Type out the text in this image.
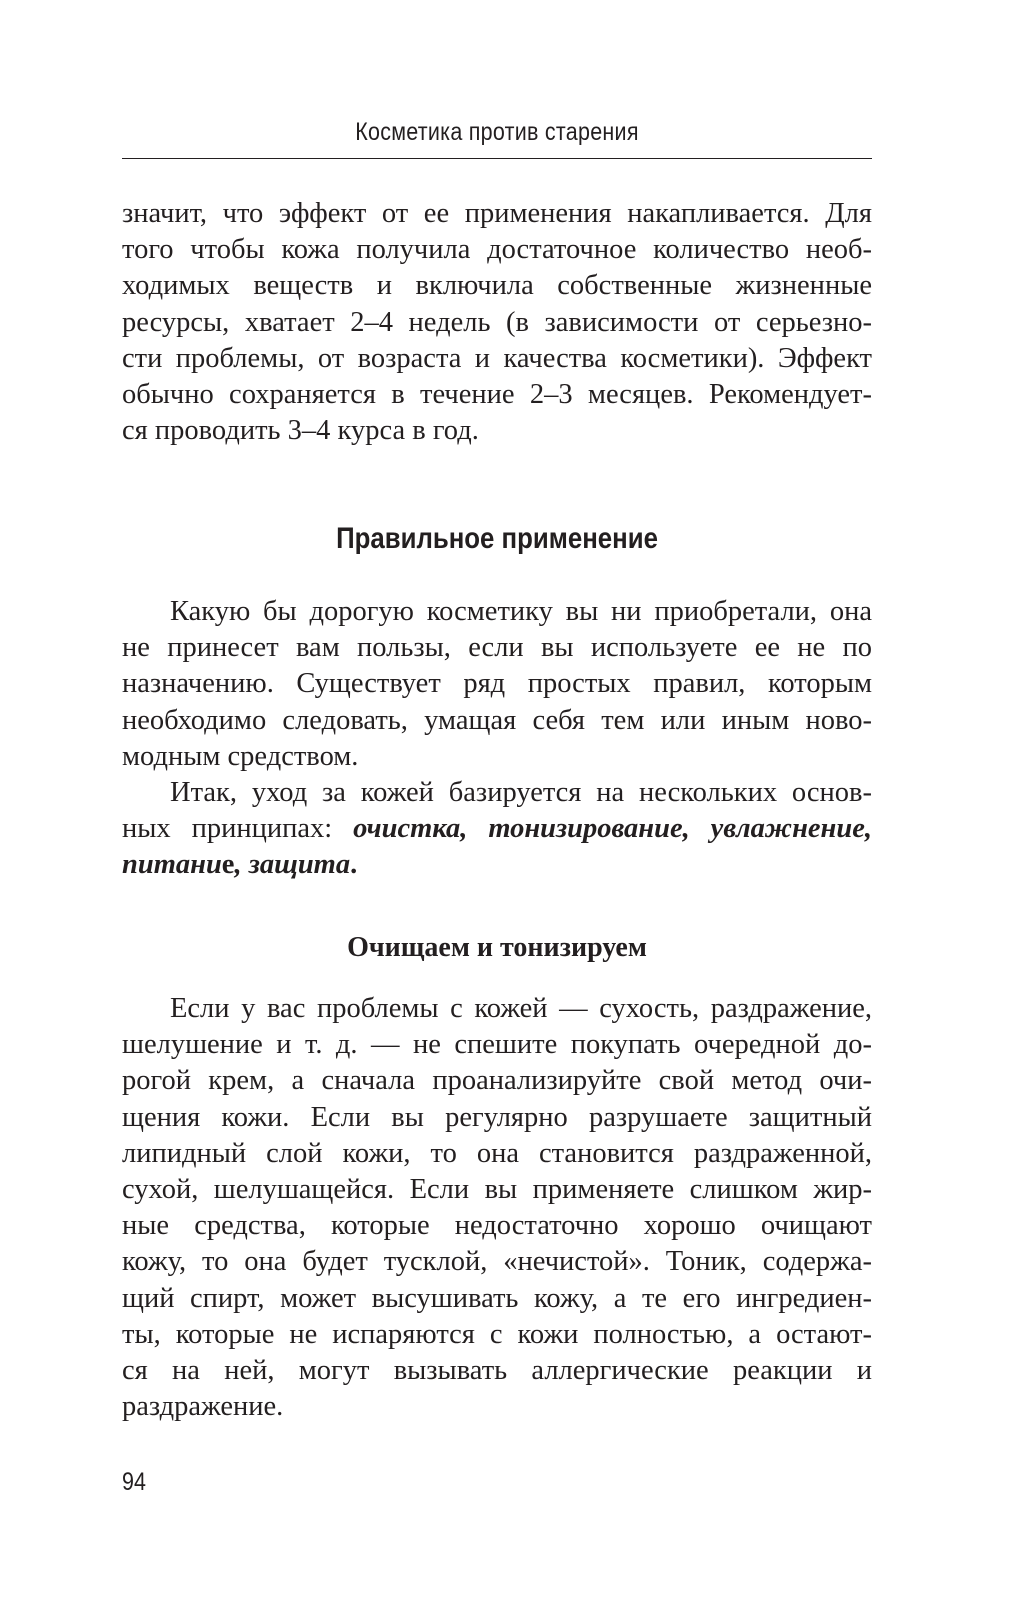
Косметика против старения
значит, что эффект от ее применения накапливается. Для
того чтобы кожа получила достаточное количество необ-
ходимых веществ и включила собственные жизненные
ресурсы, хватает 2–4 недель (в зависимости от серьезно-
сти проблемы, от возраста и качества косметики). Эффект
обычно сохраняется в течение 2–3 месяцев. Рекомендует-
ся проводить 3–4 курса в год.
Правильное применение
Какую бы дорогую косметику вы ни приобретали, она
не принесет вам пользы, если вы используете ее не по
назначению. Существует ряд простых правил, которым
необходимо следовать, умащая себя тем или иным ново-
модным средством.
Итак, уход за кожей базируется на нескольких основ-
ных принципах: очистка, тонизирование, увлажнение,
питание, защита.
Очищаем и тонизируем
Если у вас проблемы с кожей — сухость, раздражение,
шелушение и т. д. — не спешите покупать очередной до-
рогой крем, а сначала проанализируйте свой метод очи-
щения кожи. Если вы регулярно разрушаете защитный
липидный слой кожи, то она становится раздраженной,
сухой, шелушащейся. Если вы применяете слишком жир-
ные средства, которые недостаточно хорошо очищают
кожу, то она будет тусклой, «нечистой». Тоник, содержа-
щий спирт, может высушивать кожу, а те его ингредиен-
ты, которые не испаряются с кожи полностью, а остают-
ся на ней, могут вызывать аллергические реакции и
раздражение.
94
